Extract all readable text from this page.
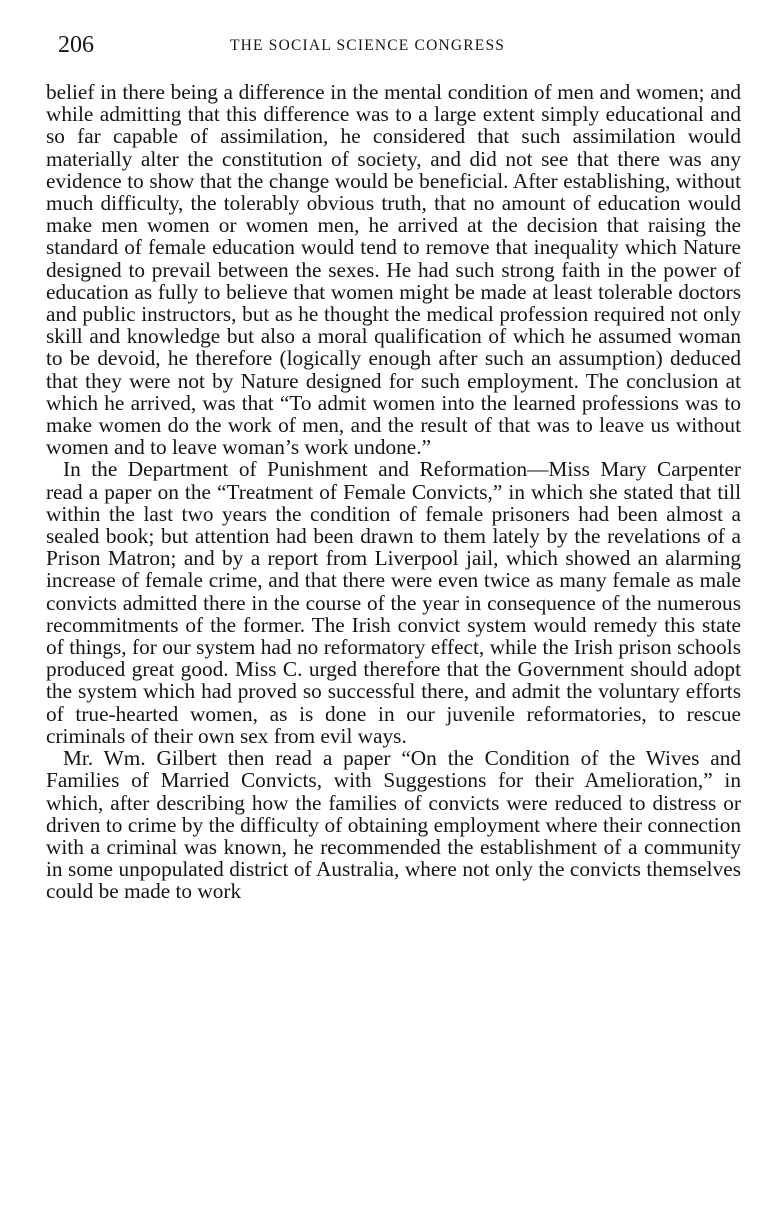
206	THE SOCIAL SCIENCE CONGRESS

belief in there being a difference in the mental condition of men and women; and while admitting that this difference was to a large extent simply educational and so far capable of assimilation, he considered that such assimilation would materially alter the constitution of society, and did not see that there was any evidence to show that the change would be beneficial. After establishing, without much difficulty, the tolerably obvious truth, that no amount of education would make men women or women men, he arrived at the decision that raising the standard of female education would tend to remove that inequality which Nature designed to prevail between the sexes. He had such strong faith in the power of education as fully to believe that women might be made at least tolerable doctors and public instructors, but as he thought the medical profession required not only skill and knowledge but also a moral qualification of which he assumed woman to be devoid, he therefore (logically enough after such an assumption) deduced that they were not by Nature designed for such employment. The conclusion at which he arrived, was that “To admit women into the learned professions was to make women do the work of men, and the result of that was to leave us without women and to leave woman’s work undone.”

In the Department of Punishment and Reformation—Miss Mary Carpenter read a paper on the “Treatment of Female Convicts,” in which she stated that till within the last two years the condition of female prisoners had been almost a sealed book; but attention had been drawn to them lately by the revelations of a Prison Matron; and by a report from Liverpool jail, which showed an alarming increase of female crime, and that there were even twice as many female as male convicts admitted there in the course of the year in consequence of the numerous recommitments of the former. The Irish convict system would remedy this state of things, for our system had no reformatory effect, while the Irish prison schools produced great good. Miss C. urged therefore that the Government should adopt the system which had proved so successful there, and admit the voluntary efforts of true-hearted women, as is done in our juvenile reformatories, to rescue criminals of their own sex from evil ways.

Mr. Wm. Gilbert then read a paper “On the Condition of the Wives and Families of Married Convicts, with Suggestions for their Amelioration,” in which, after describing how the families of convicts were reduced to distress or driven to crime by the difficulty of obtaining employment where their connection with a criminal was known, he recommended the establishment of a community in some unpopulated district of Australia, where not only the convicts themselves could be made to work
